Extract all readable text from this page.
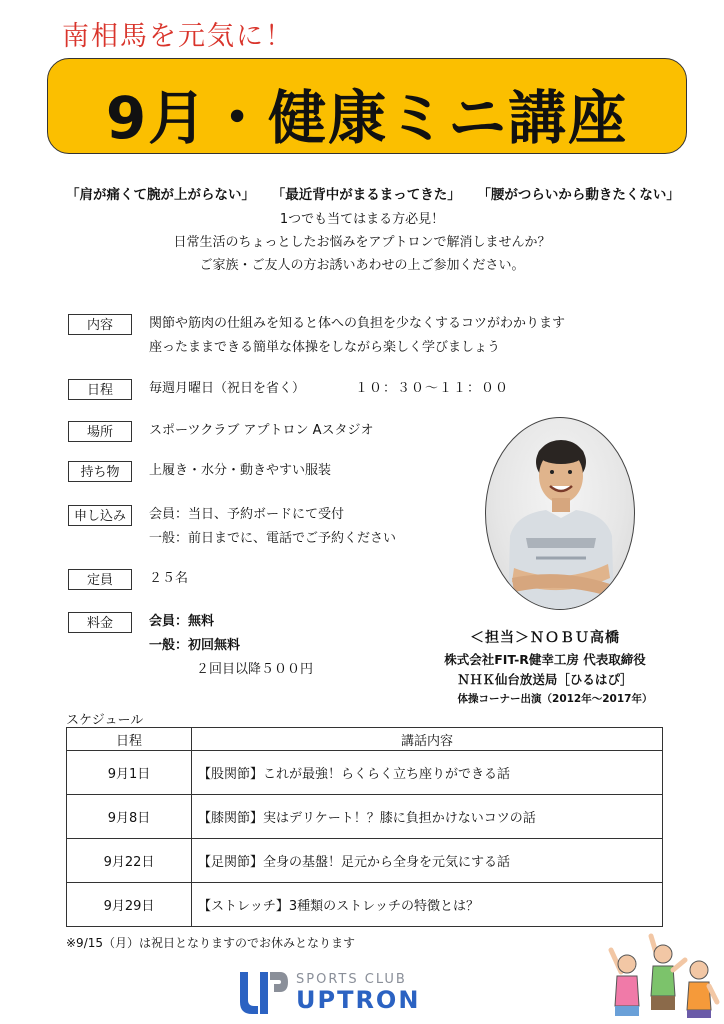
南相馬を元気に！
9月・健康ミニ講座
「肩が痛くて腕が上がらない」 「最近背中がまるまってきた」 「腰がつらいから動きたくない」
1つでも当てはまる方必見！
日常生活のちょっとしたお悩みをアプトロンで解消しませんか？
ご家族・ご友人の方お誘いあわせの上ご参加ください。
内容	関節や筋肉の仕組みを知ると体への負担を少なくするコツがわかります
座ったままできる簡単な体操をしながら楽しく学びましょう
日程	毎週月曜日（祝日を省く）	１０：３０～１１：００
場所	スポーツクラブ アプトロン Aスタジオ
持ち物	上履き・水分・動きやすい服装
申し込み	会員：当日、予約ボードにて受付
一般：前日までに、電話でご予約ください
定員	２５名
料金	会員：無料
一般：初回無料
２回目以降５００円
＜担当＞ＮＯＢＵ高橋
株式会社FIT-R健幸工房 代表取締役
ＮＨＫ仙台放送局［ひるはぴ］
体操コーナー出演（2012年～2017年）
スケジュール
日程	講話内容
9月1日	【股関節】これが最強！らくらく立ち座りができる話
9月8日	【膝関節】実はデリケート！？膝に負担かけないコツの話
9月22日	【足関節】全身の基盤！足元から全身を元気にする話
9月29日	【ストレッチ】3種類のストレッチの特徴とは？
※9/15（月）は祝日となりますのでお休みとなります
SPORTS CLUB
UPTRON
